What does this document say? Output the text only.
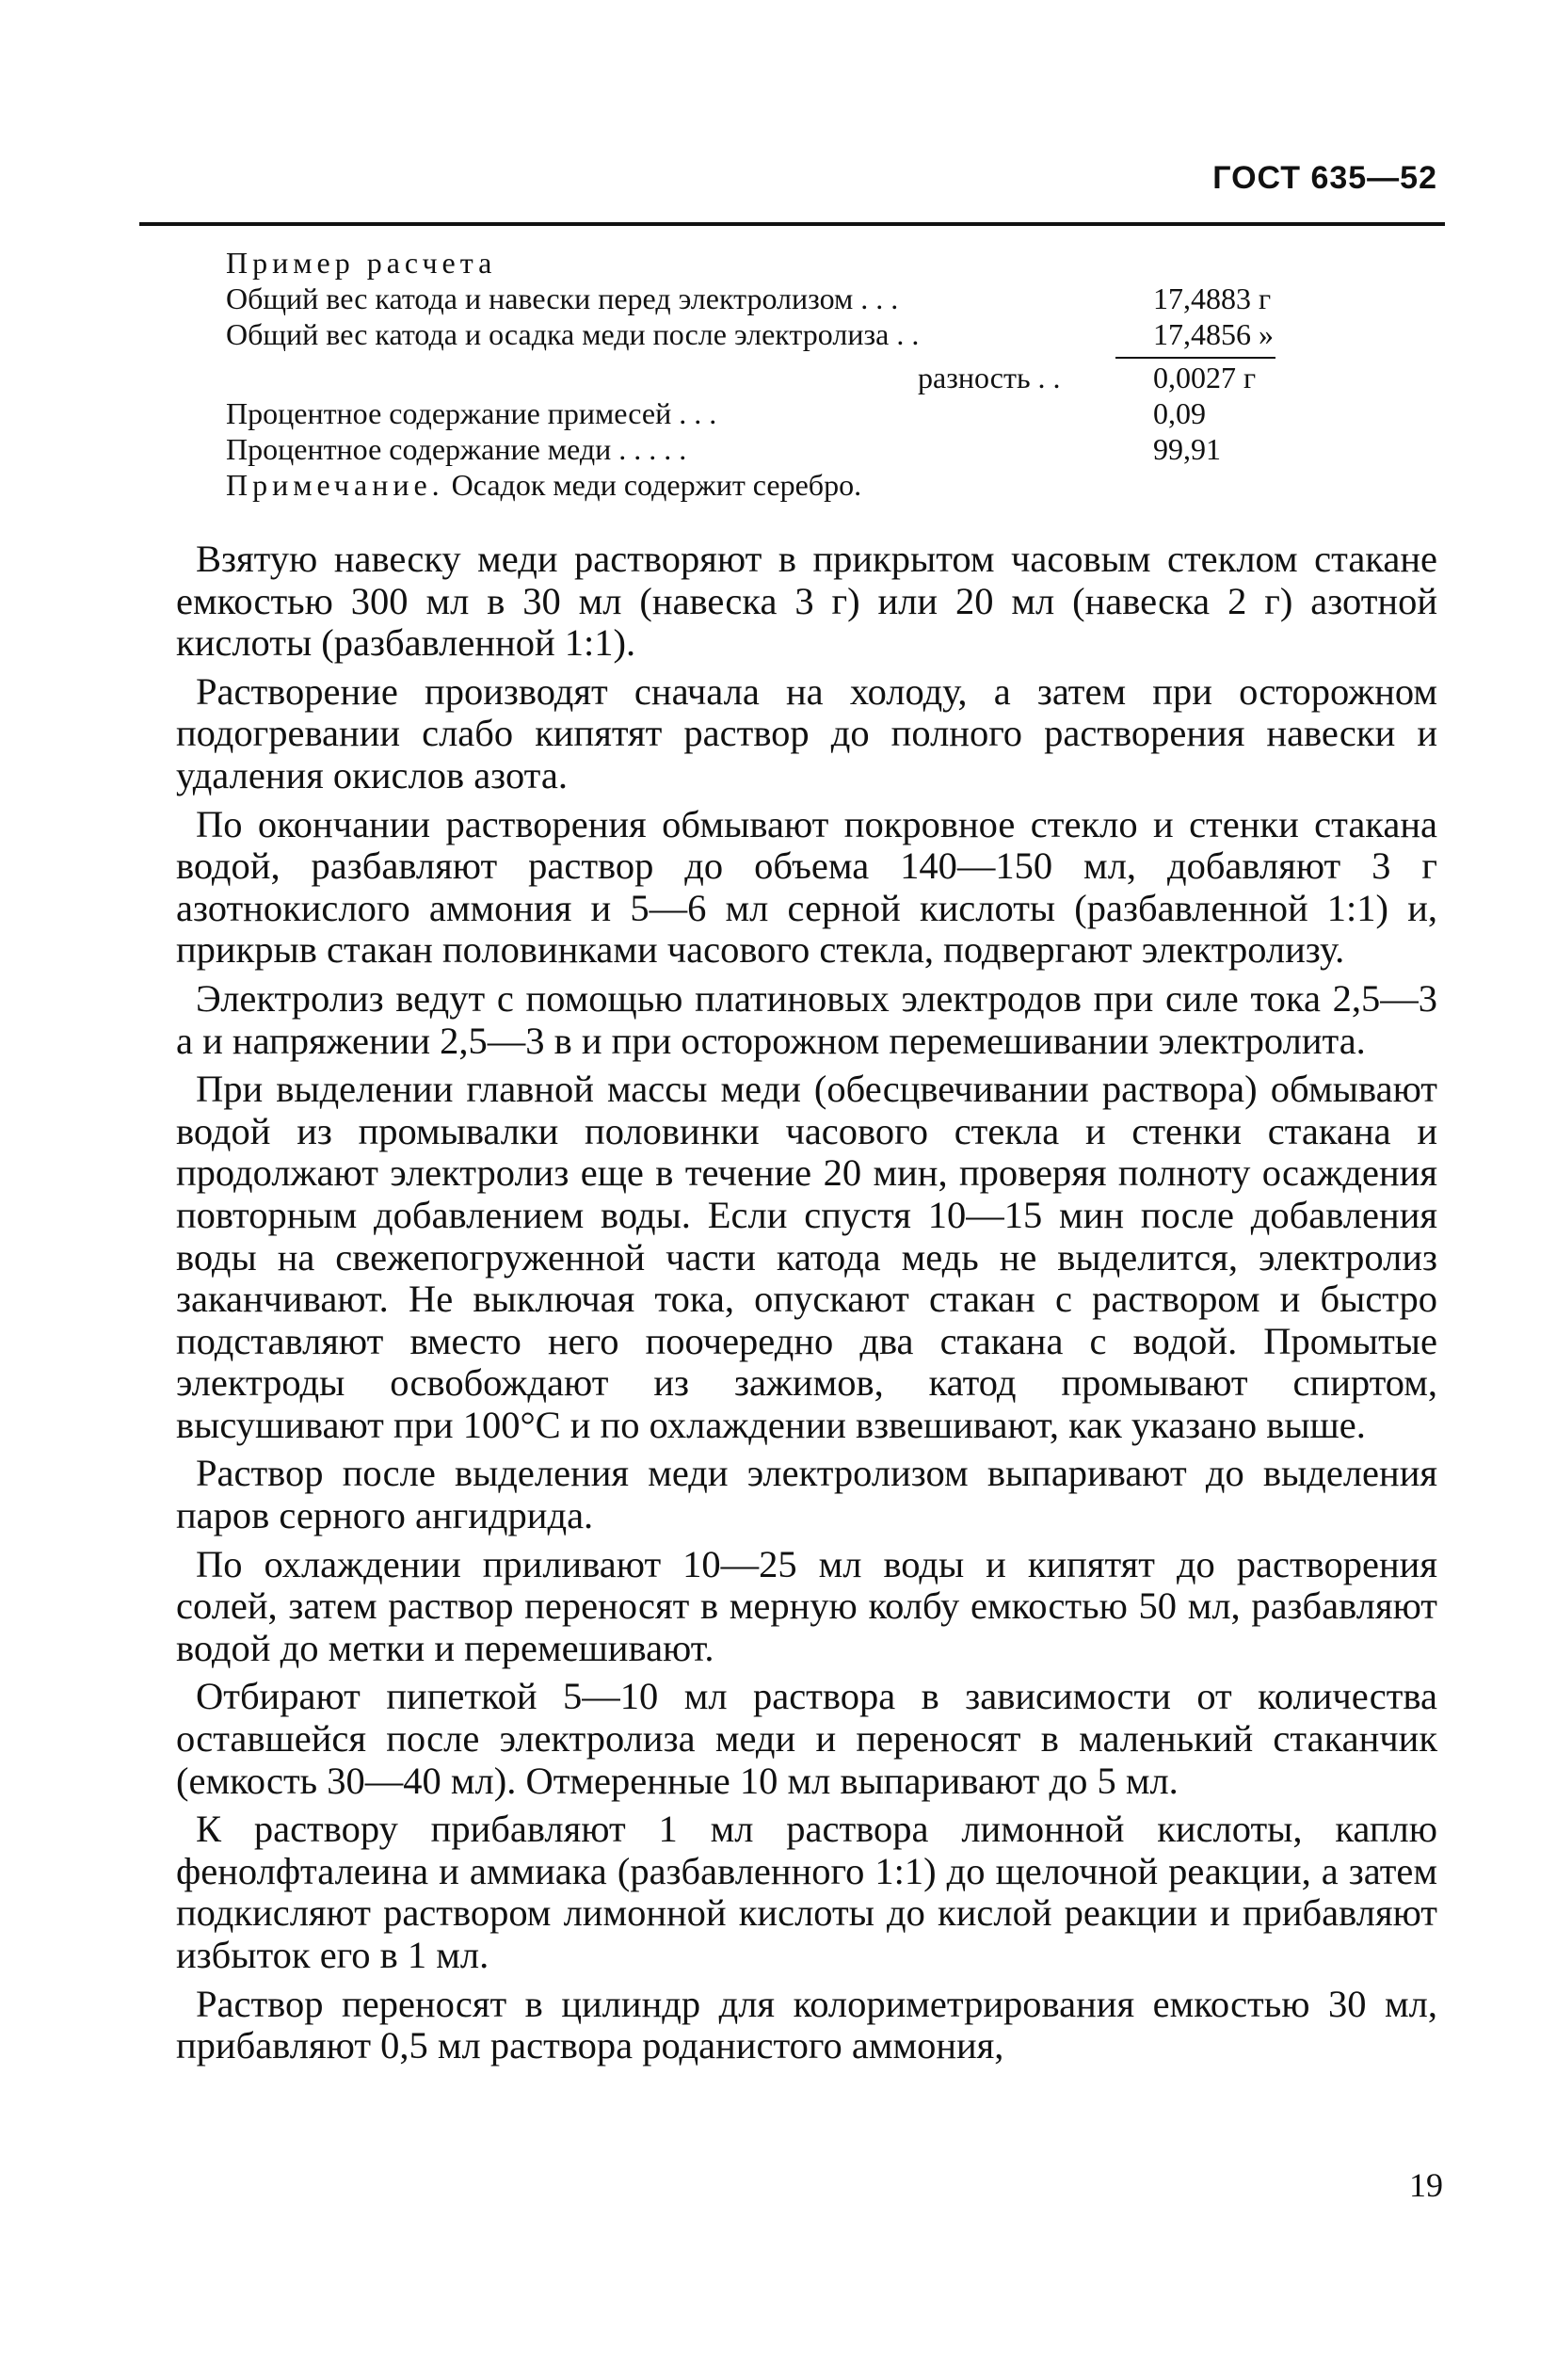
ГОСТ 635—52
Пример расчета
Общий вес катода и навески перед электролизом . . .	17,4883 г
Общий вес катода и осадка меди после электролиза . .	17,4856 »
разность . .	0,0027 г
Процентное содержание примесей . . .	0,09
Процентное содержание меди . . . . .	99,91
Примечание. Осадок меди содержит серебро.

Взятую навеску меди растворяют в прикрытом часовым стеклом стакане емкостью 300 мл в 30 мл (навеска 3 г) или 20 мл (навеска 2 г) азотной кислоты (разбавленной 1:1).

Растворение производят сначала на холоду, а затем при осторожном подогревании слабо кипятят раствор до полного растворения навески и удаления окислов азота.

По окончании растворения обмывают покровное стекло и стенки стакана водой, разбавляют раствор до объема 140—150 мл, добавляют 3 г азотнокислого аммония и 5—6 мл серной кислоты (разбавленной 1:1) и, прикрыв стакан половинками часового стекла, подвергают электролизу.

Электролиз ведут с помощью платиновых электродов при силе тока 2,5—3 а и напряжении 2,5—3 в и при осторожном перемешивании электролита.

При выделении главной массы меди (обесцвечивании раствора) обмывают водой из промывалки половинки часового стекла и стенки стакана и продолжают электролиз еще в течение 20 мин, проверяя полноту осаждения повторным добавлением воды. Если спустя 10—15 мин после добавления воды на свежепогруженной части катода медь не выделится, электролиз заканчивают. Не выключая тока, опускают стакан с раствором и быстро подставляют вместо него поочередно два стакана с водой. Промытые электроды освобождают из зажимов, катод промывают спиртом, высушивают при 100°С и по охлаждении взвешивают, как указано выше.

Раствор после выделения меди электролизом выпаривают до выделения паров серного ангидрида.

По охлаждении приливают 10—25 мл воды и кипятят до растворения солей, затем раствор переносят в мерную колбу емкостью 50 мл, разбавляют водой до метки и перемешивают.

Отбирают пипеткой 5—10 мл раствора в зависимости от количества оставшейся после электролиза меди и переносят в маленький стаканчик (емкость 30—40 мл). Отмеренные 10 мл выпаривают до 5 мл.

К раствору прибавляют 1 мл раствора лимонной кислоты, каплю фенолфталеина и аммиака (разбавленного 1:1) до щелочной реакции, а затем подкисляют раствором лимонной кислоты до кислой реакции и прибавляют избыток его в 1 мл.

Раствор переносят в цилиндр для колориметрирования емкостью 30 мл, прибавляют 0,5 мл раствора роданистого аммония,

19
